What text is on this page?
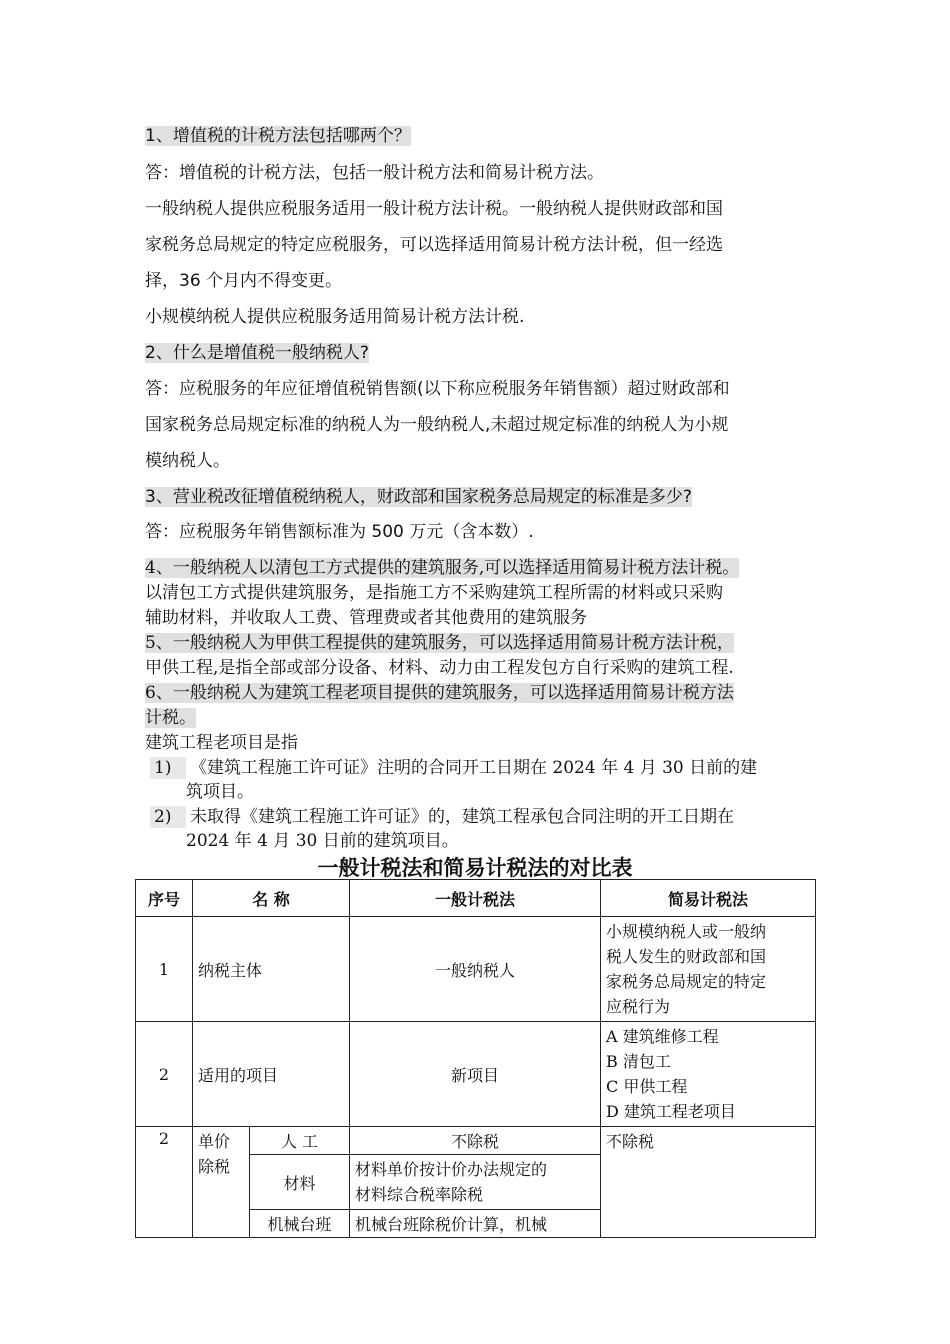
1、增值税的计税方法包括哪两个？
答：增值税的计税方法，包括一般计税方法和简易计税方法。
一般纳税人提供应税服务适用一般计税方法计税。一般纳税人提供财政部和国
家税务总局规定的特定应税服务，可以选择适用简易计税方法计税，但一经选
择，36 个月内不得变更。
小规模纳税人提供应税服务适用简易计税方法计税.
2、什么是增值税一般纳税人?
答：应税服务的年应征增值税销售额(以下称应税服务年销售额）超过财政部和
国家税务总局规定标准的纳税人为一般纳税人,未超过规定标准的纳税人为小规
模纳税人。
3、营业税改征增值税纳税人，财政部和国家税务总局规定的标准是多少?
答：应税服务年销售额标准为 500 万元（含本数）.
4、一般纳税人以清包工方式提供的建筑服务,可以选择适用简易计税方法计税。
以清包工方式提供建筑服务，是指施工方不采购建筑工程所需的材料或只采购
辅助材料，并收取人工费、管理费或者其他费用的建筑服务
5、一般纳税人为甲供工程提供的建筑服务，可以选择适用简易计税方法计税，
甲供工程,是指全部或部分设备、材料、动力由工程发包方自行采购的建筑工程.
6、一般纳税人为建筑工程老项目提供的建筑服务，可以选择适用简易计税方法
计税。
建筑工程老项目是指
1) 《建筑工程施工许可证》注明的合同开工日期在 2024 年 4 月 30 日前的建
筑项目。
2) 未取得《建筑工程施工许可证》的，建筑工程承包合同注明的开工日期在
2024 年 4 月 30 日前的建筑项目。
一般计税法和简易计税法的对比表
序号	名 称		一般计税法	简易计税法
1	纳税主体		一般纳税人	小规模纳税人或一般纳
税人发生的财政部和国
家税务总局规定的特定
应税行为

2	适用的项目		新项目	A 建筑维修工程
B 清包工
C 甲供工程
D 建筑工程老项目

2	单价
除税	人 工	不除税	不除税
		材料	材料单价按计价办法规定的
材料综合税率除税	

		机械台班	机械台班除税价计算，机械	
